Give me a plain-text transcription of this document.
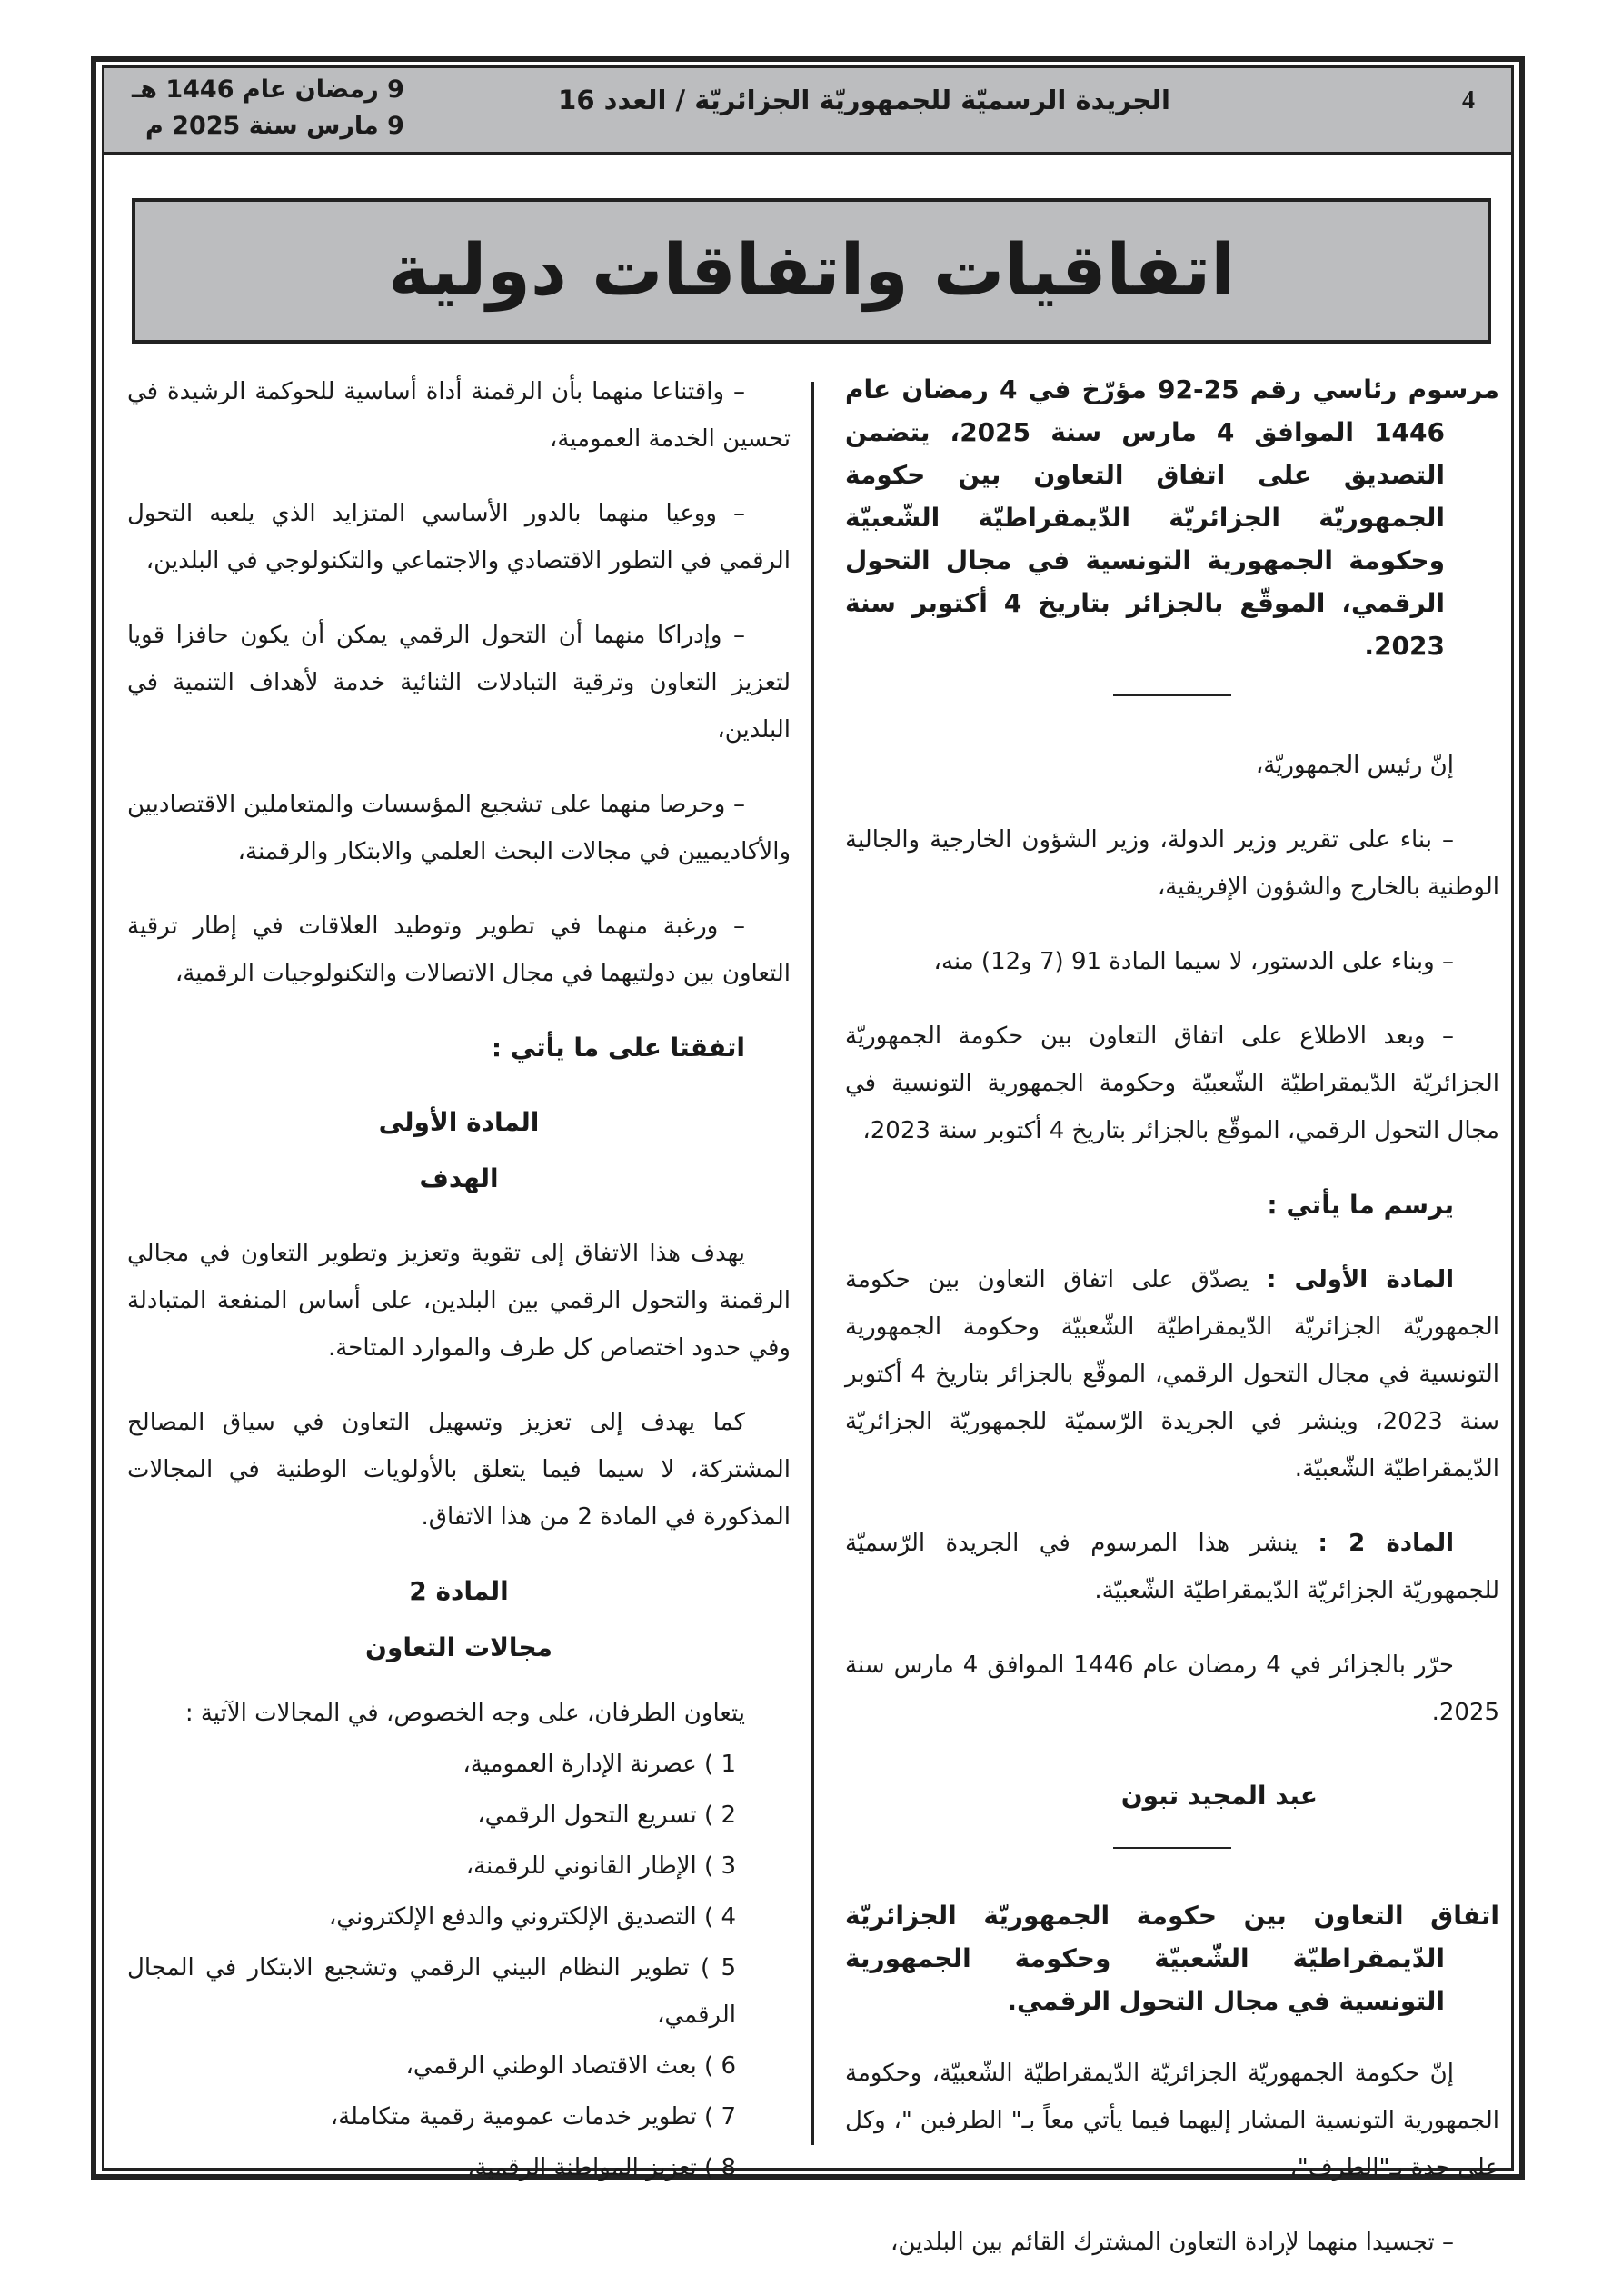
4
الجريدة الرسميّة للجمهوريّة الجزائريّة / العدد 16
9 رمضان عام 1446 هـ
9 مارس سنة 2025 م
اتفاقيات واتفاقات دولية

مرسوم رئاسي رقم 25-92 مؤرّخ في 4 رمضان عام 1446 الموافق 4 مارس سنة 2025، يتضمن التصديق على اتفاق التعاون بين حكومة الجمهوريّة الجزائريّة الدّيمقراطيّة الشّعبيّة وحكومة الجمهورية التونسية في مجال التحول الرقمي، الموقّع بالجزائر بتاريخ 4 أكتوبر سنة 2023.

إنّ رئيس الجمهوريّة،

– بناء على تقرير وزير الدولة، وزير الشؤون الخارجية والجالية الوطنية بالخارج والشؤون الإفريقية،

– وبناء على الدستور، لا سيما المادة 91 (7 و12) منه،

– وبعد الاطلاع على اتفاق التعاون بين حكومة الجمهوريّة الجزائريّة الدّيمقراطيّة الشّعبيّة وحكومة الجمهورية التونسية في مجال التحول الرقمي، الموقّع بالجزائر بتاريخ 4 أكتوبر سنة 2023،

يرسم ما يأتي :

المادة الأولى : يصدّق على اتفاق التعاون بين حكومة الجمهوريّة الجزائريّة الدّيمقراطيّة الشّعبيّة وحكومة الجمهورية التونسية في مجال التحول الرقمي، الموقّع بالجزائر بتاريخ 4 أكتوبر سنة 2023، وينشر في الجريدة الرّسميّة للجمهوريّة الجزائريّة الدّيمقراطيّة الشّعبيّة.

المادة 2 : ينشر هذا المرسوم في الجريدة الرّسميّة للجمهوريّة الجزائريّة الدّيمقراطيّة الشّعبيّة.

حرّر بالجزائر في 4 رمضان عام 1446 الموافق 4 مارس سنة 2025.

عبد المجيد تبون

اتفاق التعاون بين حكومة الجمهوريّة الجزائريّة الدّيمقراطيّة الشّعبيّة وحكومة الجمهورية التونسية في مجال التحول الرقمي.

إنّ حكومة الجمهوريّة الجزائريّة الدّيمقراطيّة الشّعبيّة، وحكومة الجمهورية التونسية المشار إليهما فيما يأتي معاً بـ" الطرفين "، وكل على حدة بـ"الطرف"،

– تجسيدا منهما لإرادة التعاون المشترك القائم بين البلدين،

– واقتناعا منهما بأن الرقمنة أداة أساسية للحوكمة الرشيدة في تحسين الخدمة العمومية،

– ووعيا منهما بالدور الأساسي المتزايد الذي يلعبه التحول الرقمي في التطور الاقتصادي والاجتماعي والتكنولوجي في البلدين،

– وإدراكا منهما أن التحول الرقمي يمكن أن يكون حافزا قويا لتعزيز التعاون وترقية التبادلات الثنائية خدمة لأهداف التنمية في البلدين،

– وحرصا منهما على تشجيع المؤسسات والمتعاملين الاقتصاديين والأكاديميين في مجالات البحث العلمي والابتكار والرقمنة،

– ورغبة منهما في تطوير وتوطيد العلاقات في إطار ترقية التعاون بين دولتيهما في مجال الاتصالات والتكنولوجيات الرقمية،

اتفقتا على ما يأتي :

المادة الأولى
الهدف

يهدف هذا الاتفاق إلى تقوية وتعزيز وتطوير التعاون في مجالي الرقمنة والتحول الرقمي بين البلدين، على أساس المنفعة المتبادلة وفي حدود اختصاص كل طرف والموارد المتاحة.

كما يهدف إلى تعزيز وتسهيل التعاون في سياق المصالح المشتركة، لا سيما فيما يتعلق بالأولويات الوطنية في المجالات المذكورة في المادة 2 من هذا الاتفاق.

المادة 2
مجالات التعاون

يتعاون الطرفان، على وجه الخصوص، في المجالات الآتية :

1 ) عصرنة الإدارة العمومية،
2 ) تسريع التحول الرقمي،
3 ) الإطار القانوني للرقمنة،
4 ) التصديق الإلكتروني والدفع الإلكتروني،
5 ) تطوير النظام البيني الرقمي وتشجيع الابتكار في المجال الرقمي،
6 ) بعث الاقتصاد الوطني الرقمي،
7 ) تطوير خدمات عمومية رقمية متكاملة،
8 ) تعزيز المواطنة الرقمية،
